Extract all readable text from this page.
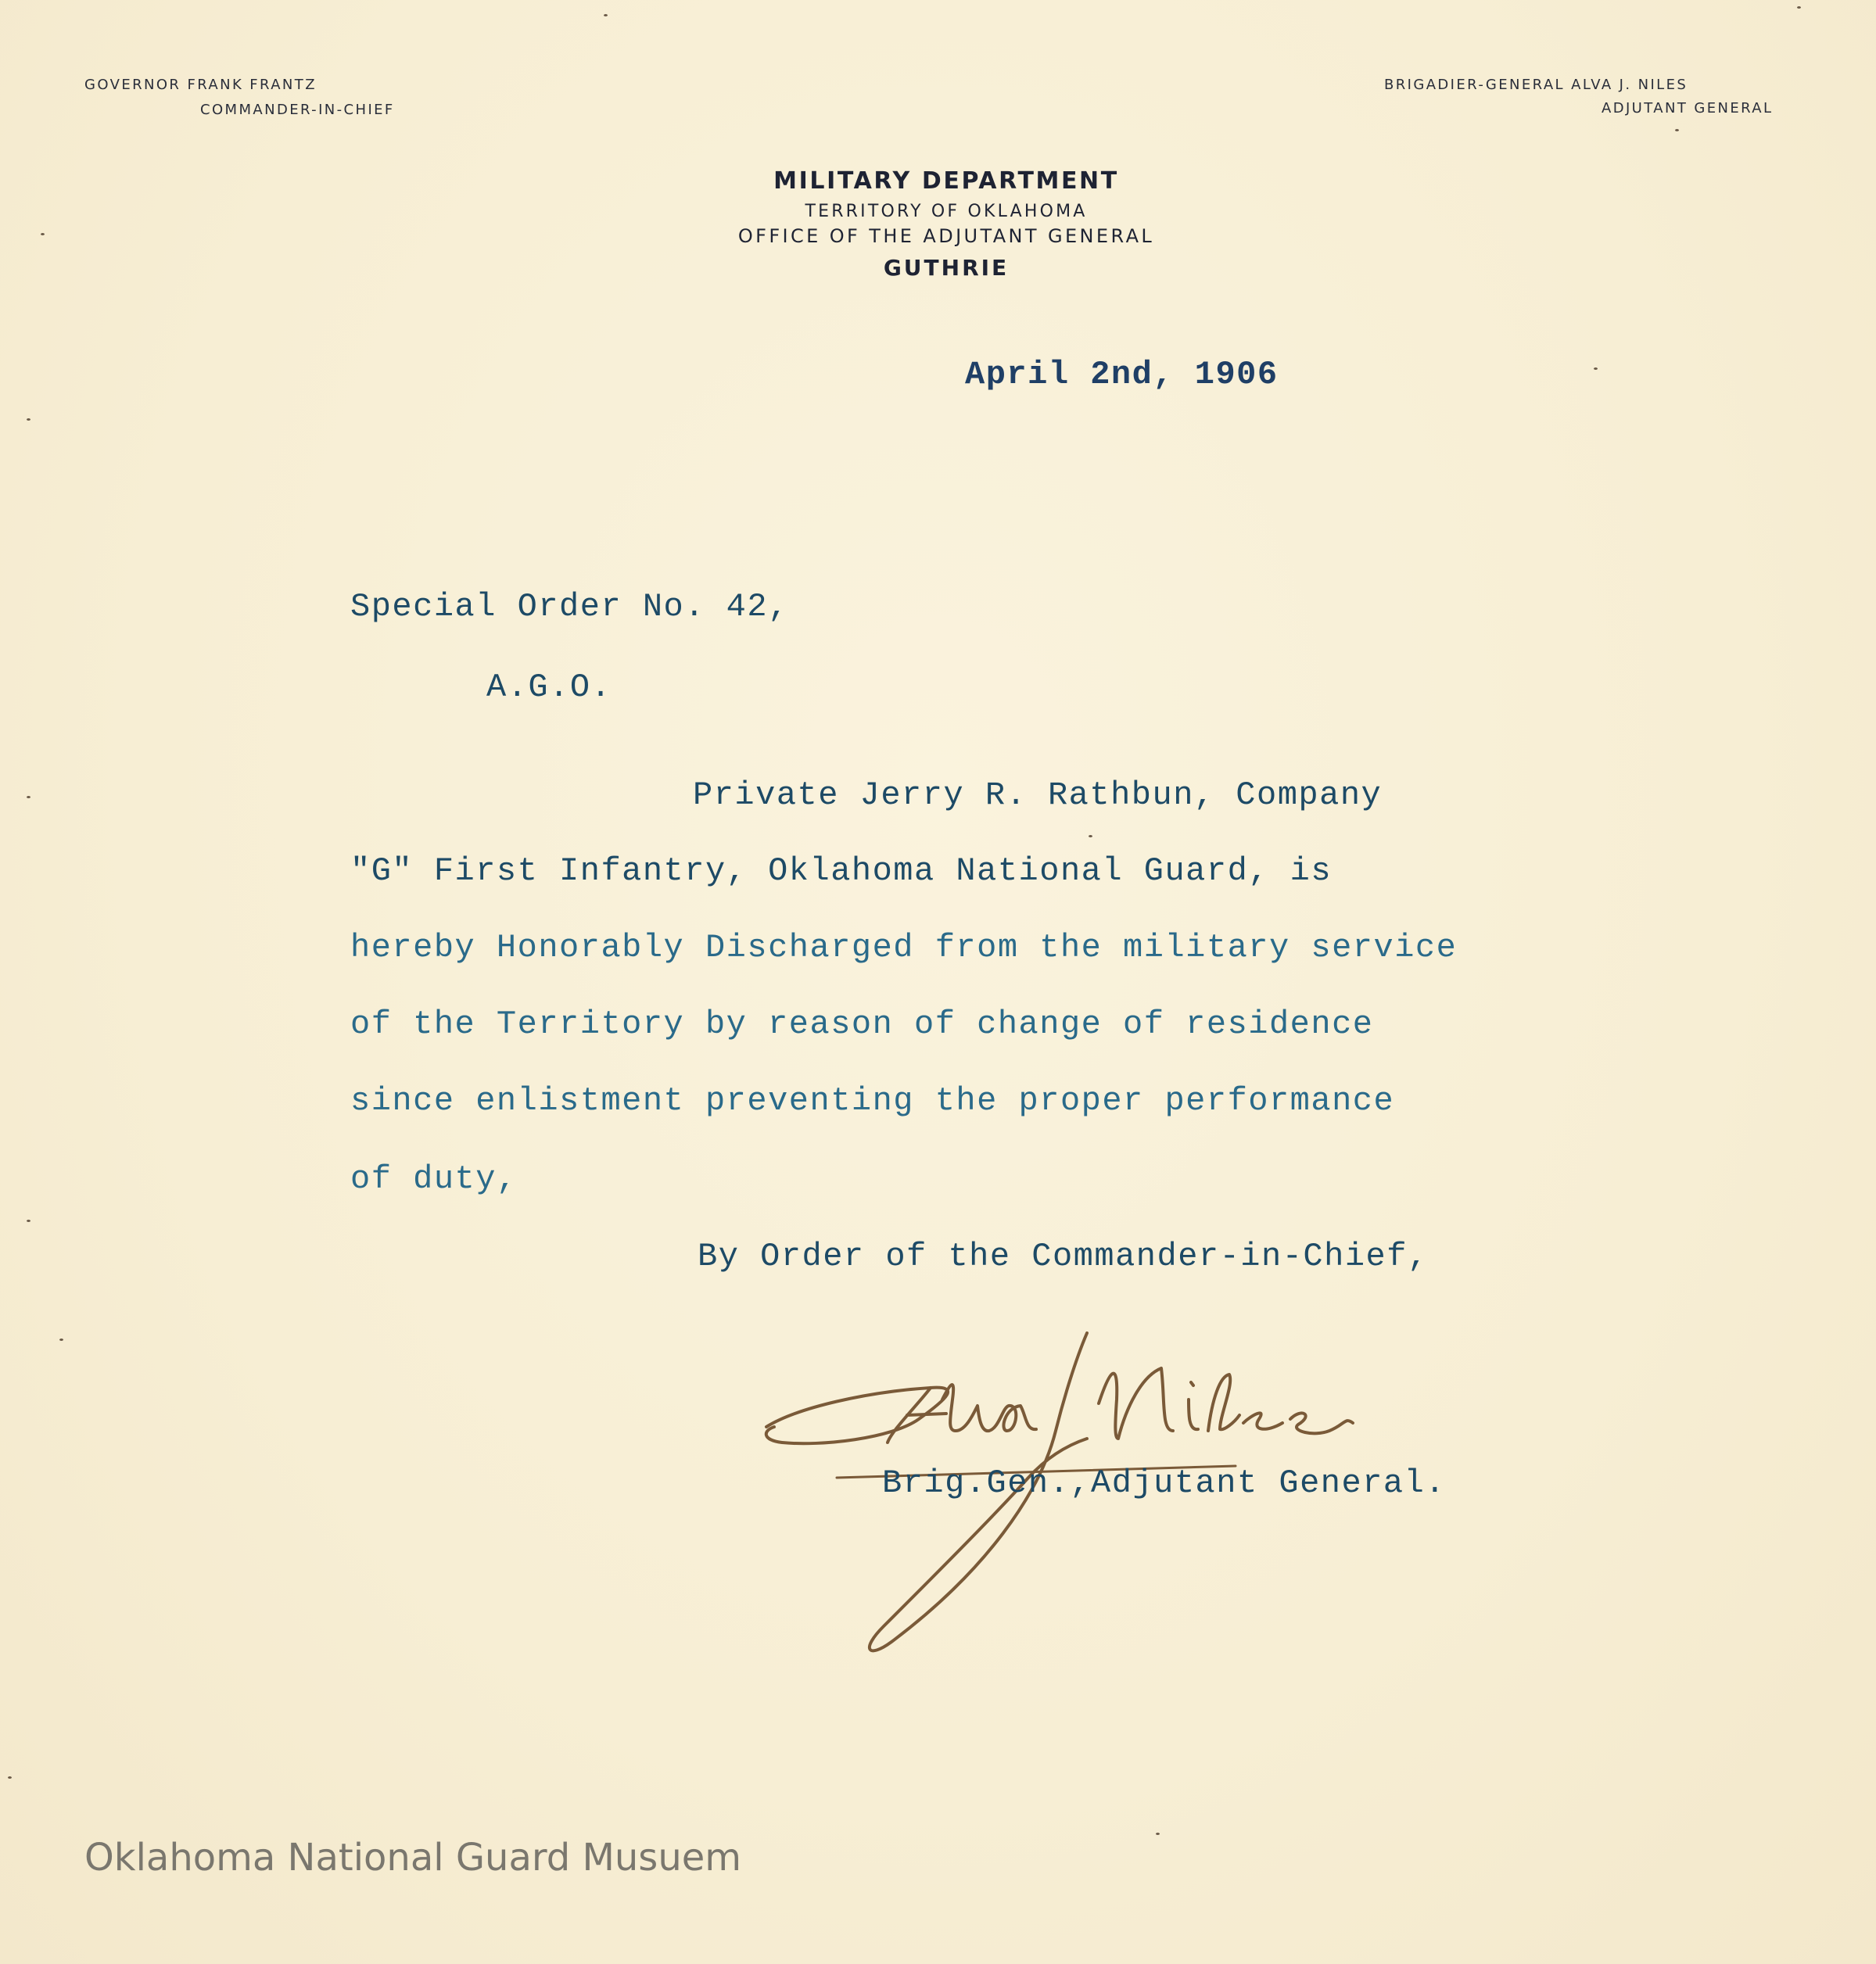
GOVERNOR FRANK FRANTZ
COMMANDER-IN-CHIEF
BRIGADIER-GENERAL ALVA J. NILES
ADJUTANT GENERAL
MILITARY DEPARTMENT
TERRITORY OF OKLAHOMA
OFFICE OF THE ADJUTANT GENERAL
GUTHRIE
April 2nd, 1906
Special Order No. 42,
A.G.O.
Private Jerry R. Rathbun, Company
"G" First Infantry, Oklahoma National Guard, is
hereby Honorably Discharged from the military service
of the Territory by reason of change of residence
since enlistment preventing the proper performance
of duty,
By Order of the Commander-in-Chief,
Brig.Gen.,Adjutant General.
Oklahoma National Guard Musuem
